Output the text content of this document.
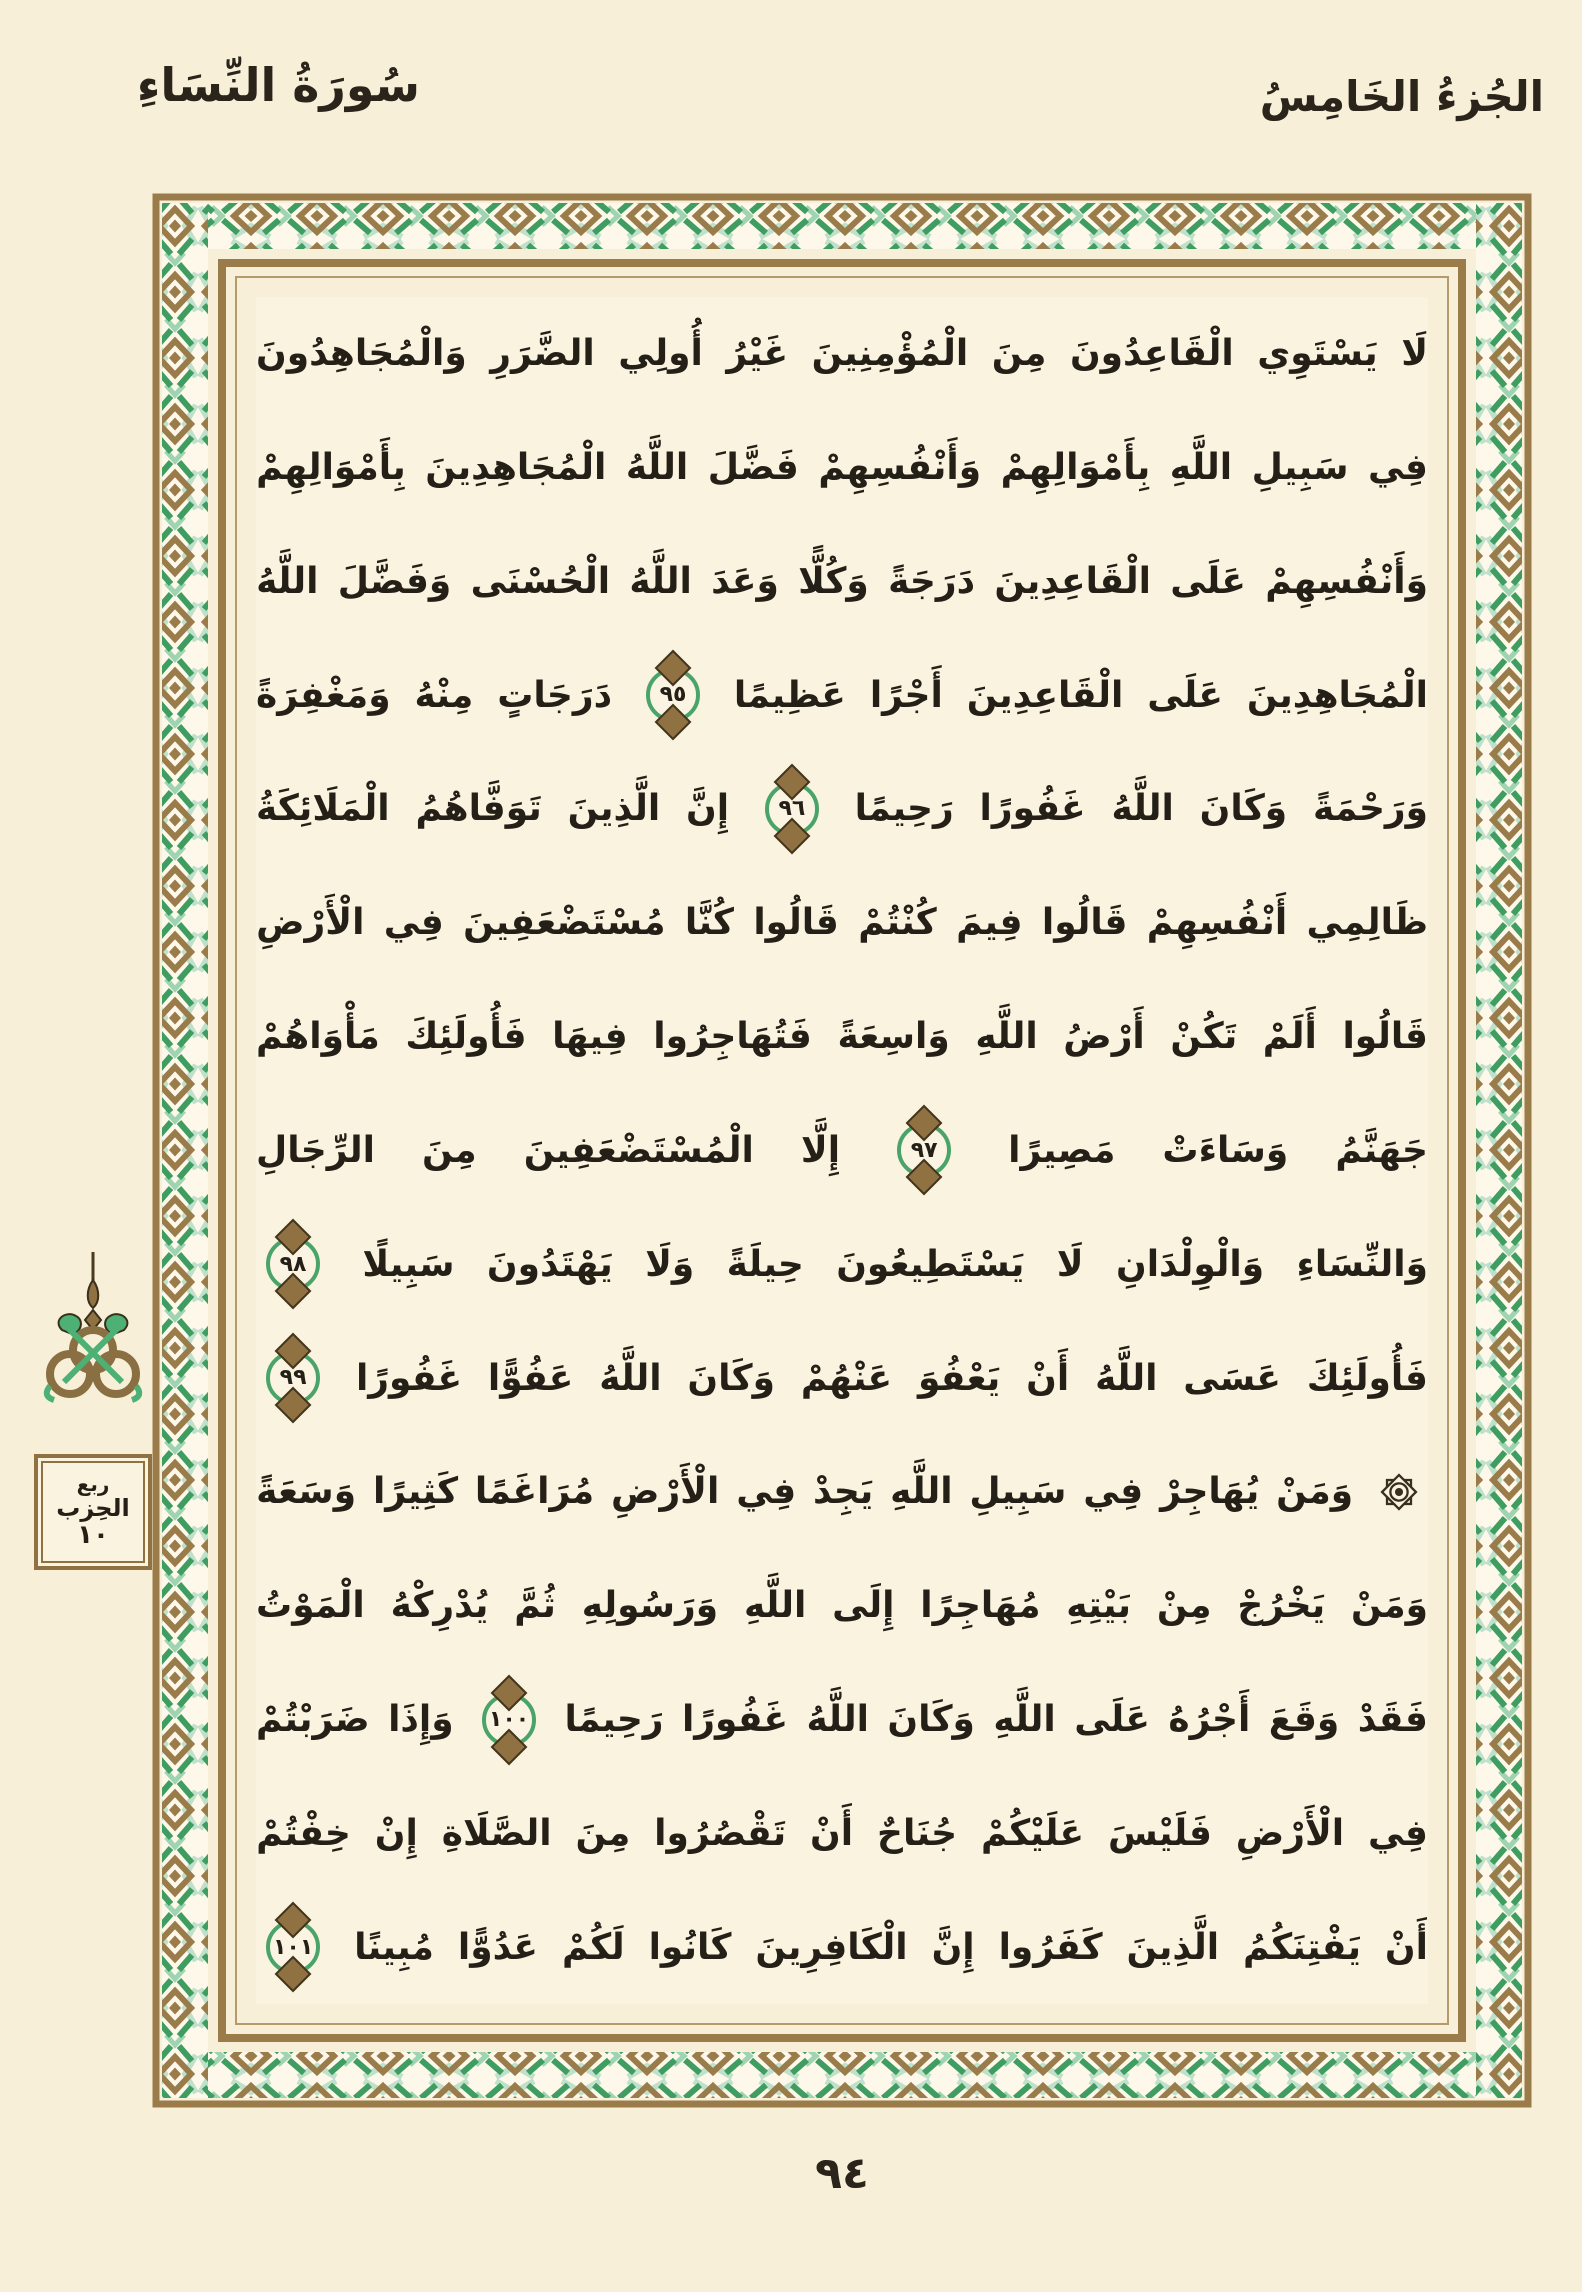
سُورَةُ النِّسَاءِ	الجُزءُ الخَامِسُ
لَا
يَسْتَوِي
الْقَاعِدُونَ
مِنَ
الْمُؤْمِنِينَ
غَيْرُ
أُولِي
الضَّرَرِ
وَالْمُجَاهِدُونَ
فِي
سَبِيلِ
اللَّهِ
بِأَمْوَالِهِمْ
وَأَنْفُسِهِمْ
فَضَّلَ
اللَّهُ
الْمُجَاهِدِينَ
بِأَمْوَالِهِمْ
وَأَنْفُسِهِمْ
عَلَى
الْقَاعِدِينَ
دَرَجَةً
وَكُلًّا
وَعَدَ
اللَّهُ
الْحُسْنَى
وَفَضَّلَ
اللَّهُ
الْمُجَاهِدِينَ
عَلَى
الْقَاعِدِينَ
أَجْرًا
عَظِيمًا
٩٥
دَرَجَاتٍ
مِنْهُ
وَمَغْفِرَةً
وَرَحْمَةً
وَكَانَ
اللَّهُ
غَفُورًا
رَحِيمًا
٩٦
إِنَّ
الَّذِينَ
تَوَفَّاهُمُ
الْمَلَائِكَةُ
ظَالِمِي
أَنْفُسِهِمْ
قَالُوا
فِيمَ
كُنْتُمْ
قَالُوا
كُنَّا
مُسْتَضْعَفِينَ
فِي
الْأَرْضِ
قَالُوا
أَلَمْ
تَكُنْ
أَرْضُ
اللَّهِ
وَاسِعَةً
فَتُهَاجِرُوا
فِيهَا
فَأُولَئِكَ
مَأْوَاهُمْ
جَهَنَّمُ
وَسَاءَتْ
مَصِيرًا
٩٧
إِلَّا
الْمُسْتَضْعَفِينَ
مِنَ
الرِّجَالِ
وَالنِّسَاءِ
وَالْوِلْدَانِ
لَا
يَسْتَطِيعُونَ
حِيلَةً
وَلَا
يَهْتَدُونَ
سَبِيلًا
٩٨
فَأُولَئِكَ
عَسَى
اللَّهُ
أَنْ
يَعْفُوَ
عَنْهُمْ
وَكَانَ
اللَّهُ
عَفُوًّا
غَفُورًا
٩٩
وَمَنْ
يُهَاجِرْ
فِي
سَبِيلِ
اللَّهِ
يَجِدْ
فِي
الْأَرْضِ
مُرَاغَمًا
كَثِيرًا
وَسَعَةً
وَمَنْ
يَخْرُجْ
مِنْ
بَيْتِهِ
مُهَاجِرًا
إِلَى
اللَّهِ
وَرَسُولِهِ
ثُمَّ
يُدْرِكْهُ
الْمَوْتُ
فَقَدْ
وَقَعَ
أَجْرُهُ
عَلَى
اللَّهِ
وَكَانَ
اللَّهُ
غَفُورًا
رَحِيمًا
١٠٠
وَإِذَا
ضَرَبْتُمْ
فِي
الْأَرْضِ
فَلَيْسَ
عَلَيْكُمْ
جُنَاحٌ
أَنْ
تَقْصُرُوا
مِنَ
الصَّلَاةِ
إِنْ
خِفْتُمْ
أَنْ
يَفْتِنَكُمُ
الَّذِينَ
كَفَرُوا
إِنَّ
الْكَافِرِينَ
كَانُوا
لَكُمْ
عَدُوًّا
مُبِينًا
١٠١
ربع
الحِزب
١٠
٩٤
